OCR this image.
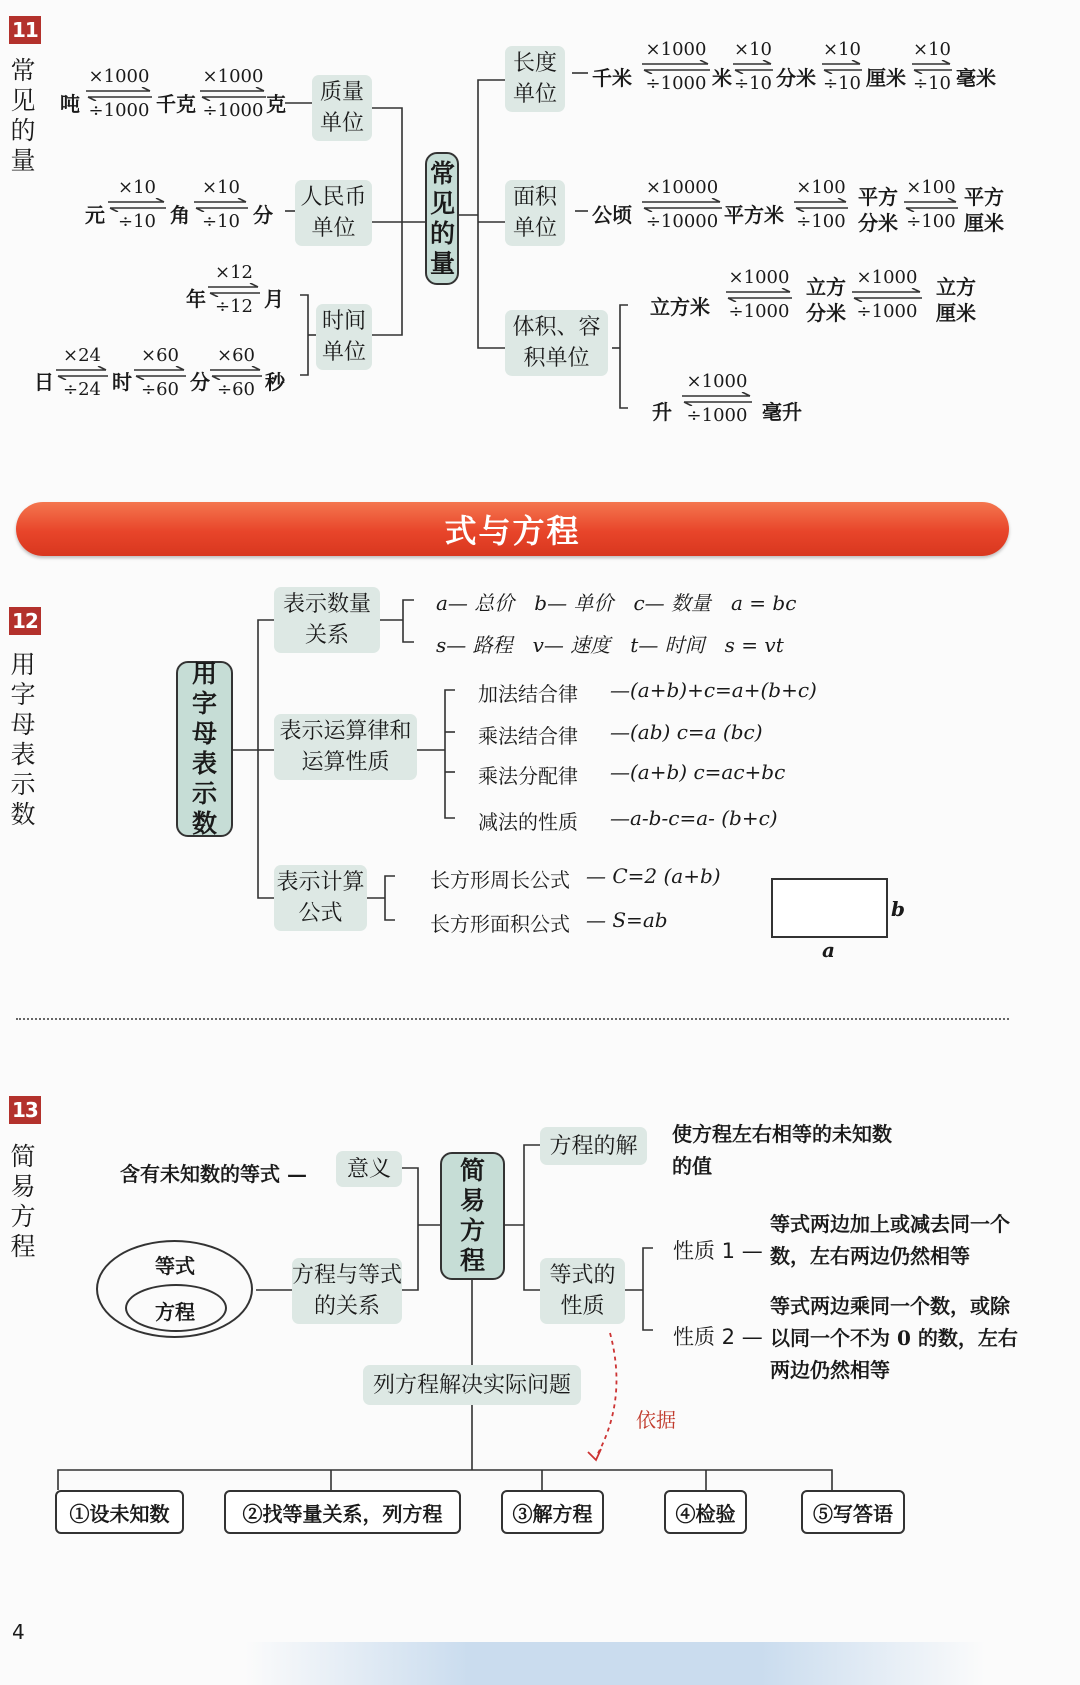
11
常见的量	常见的量
质量单位
人民币单位
时间单位
长度单位
面积单位
体积、容积单位
吨
×1000
÷1000 千克
×1000
÷1000 克
元
×10
÷10 角
×10
÷10 分
年
×12
÷12 月
日
×24
÷24 时
×60
÷60 分
×60
÷60 秒
千米
×1000
÷1000 米
×10
÷10 分米
×10
÷10 厘米
×10
÷10 毫米
公顷
×10000
÷10000 平方米
×100
÷100
平方分米
×100
÷100
平方厘米
立方米
×1000
÷1000
立方分米
×1000
÷1000
立方厘米
升
×1000
÷1000 毫升
式与方程
12
用字母表示数
用字母表示数
表示数量关系
表示运算律和运算性质
表示计算公式
a— 总价　b— 单价　c— 数量　a = bc
s— 路程　v— 速度　t— 时间　s = vt
加法结合律 —(a+b)+c=a+(b+c)
乘法结合律 —(ab) c=a (bc)
乘法分配律 —(a+b) c=ac+bc
减法的性质 —a-b-c=a- (b+c)
长方形周长公式 — C=2 (a+b)
长方形面积公式 — S=ab	b
a
13
简易方程
简易方程
含有未知数的等式 —	意义
方程与等式的关系
等式
方程
方程的解	使方程左右相等的未知数的值
等式的性质
性质 1 —
等式两边加上或减去同一个数，左右两边仍然相等
性质 2 —
等式两边乘同一个数，或除以同一个不为 0 的数，左右两边仍然相等
列方程解决实际问题
依据
①设未知数	②找等量关系，列方程	③解方程	④检验	⑤写答语
4
